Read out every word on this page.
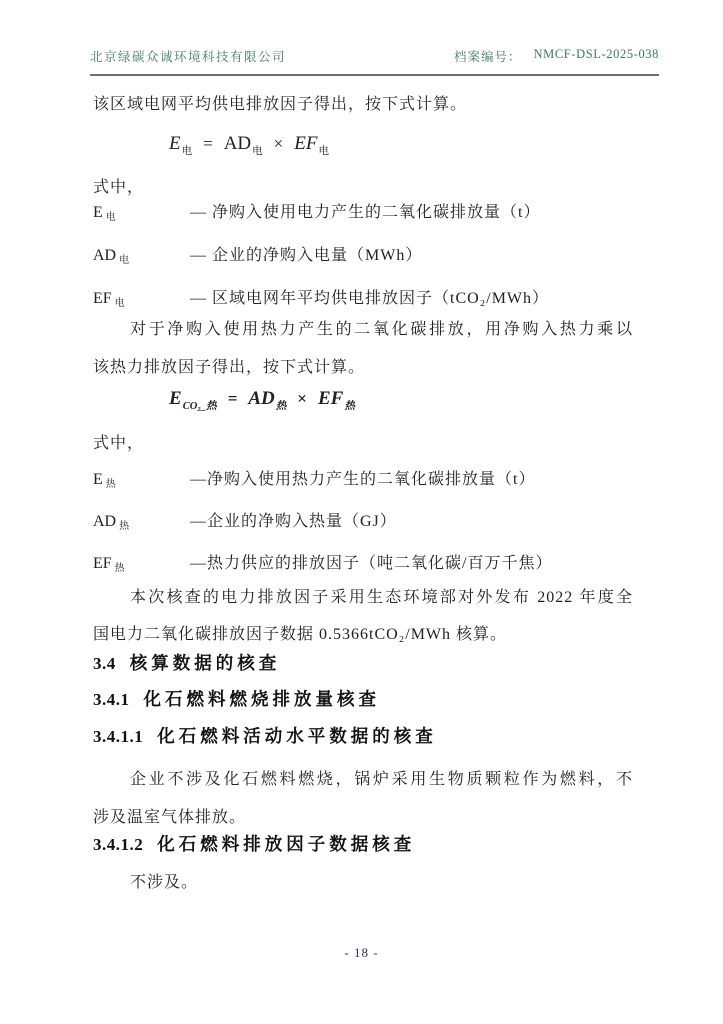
北京绿碳众诚环境科技有限公司	档案编号： NMCF-DSL-2025-038
该区域电网平均供电排放因子得出，按下式计算。
$E_电 = AD_电 \times EF_电$
式中，
E 电	— 净购入使用电力产生的二氧化碳排放量（t）
AD 电	— 企业的净购入电量（MWh）
EF 电	— 区域电网年平均供电排放因子（tCO₂/MWh）
对于净购入使用热力产生的二氧化碳排放，用净购入热力乘以
该热力排放因子得出，按下式计算。
$E_{CO_2\_热} = AD_热 \times EF_热$
式中，
E 热	—净购入使用热力产生的二氧化碳排放量（t）
AD 热	—企业的净购入热量（GJ）
EF 热	—热力供应的排放因子（吨二氧化碳/百万千焦）
本次核查的电力排放因子采用生态环境部对外发布 2022 年度全
国电力二氧化碳排放因子数据 0.5366tCO₂/MWh 核算。
3.4 核算数据的核查
3.4.1 化石燃料燃烧排放量核查
3.4.1.1 化石燃料活动水平数据的核查
企业不涉及化石燃料燃烧，锅炉采用生物质颗粒作为燃料，不
涉及温室气体排放。
3.4.1.2 化石燃料排放因子数据核查
不涉及。
- 18 -
